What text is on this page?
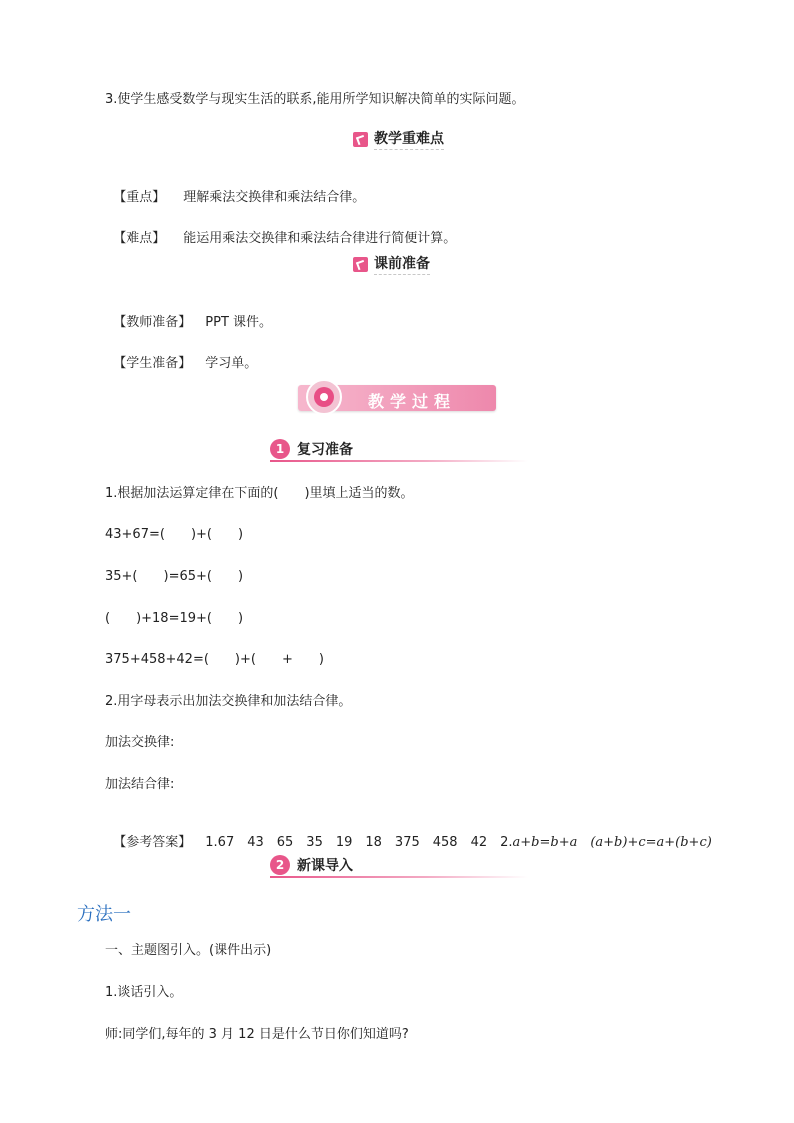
3.使学生感受数学与现实生活的联系,能用所学知识解决简单的实际问题。
教学重难点

【重点】 理解乘法交换律和乘法结合律。

【难点】 能运用乘法交换律和乘法结合律进行简便计算。

课前准备

【教师准备】 PPT 课件。

【学生准备】 学习单。

教学过程
1 复习准备
1.根据加法运算定律在下面的(　　)里填上适当的数。
43+67=(　　)+(　　)
35+(　　)=65+(　　)
(　　)+18=19+(　　)
375+458+42=(　　)+(　　+　　)
2.用字母表示出加法交换律和加法结合律。
加法交换律:
加法结合律:

【参考答案】 1.67　43　65　35　19　18　375　458　42　2.a+b=b+a　(a+b)+c=a+(b+c)

2 新课导入
方法一
一、主题图引入。(课件出示)
1.谈话引入。
师:同学们,每年的 3 月 12 日是什么节日你们知道吗?
